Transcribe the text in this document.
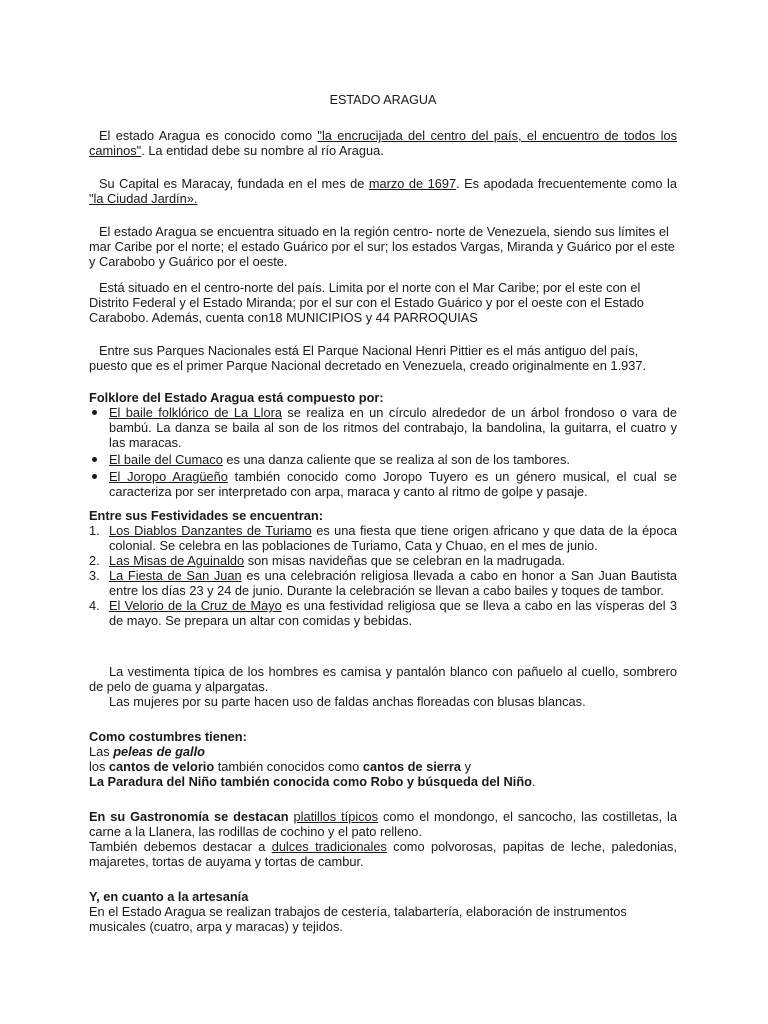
ESTADO ARAGUA

El estado Aragua es conocido como "la encrucijada del centro del país, el encuentro de todos los caminos". La entidad debe su nombre al río Aragua.

Su Capital es Maracay, fundada en el mes de marzo de 1697. Es apodada frecuentemente como la "la Ciudad Jardín».

El estado Aragua se encuentra situado en la región centro- norte de Venezuela, siendo sus límites el mar Caribe por el norte; el estado Guárico por el sur; los estados Vargas, Miranda y Guárico por el este y Carabobo y Guárico por el oeste.

Está situado en el centro-norte del país. Limita por el norte con el Mar Caribe; por el este con el Distrito Federal y el Estado Miranda; por el sur con el Estado Guárico y por el oeste con el Estado Carabobo. Además, cuenta con18 MUNICIPIOS y 44 PARROQUIAS

Entre sus Parques Nacionales está El Parque Nacional Henri Pittier es el más antiguo del país, puesto que es el primer Parque Nacional decretado en Venezuela, creado originalmente en 1.937.

Folklore del Estado Aragua está compuesto por:

El baile folklórico de La Llora se realiza en un círculo alrededor de un árbol frondoso o vara de bambú. La danza se baila al son de los ritmos del contrabajo, la bandolina, la guitarra, el cuatro y las maracas.
El baile del Cumaco es una danza caliente que se realiza al son de los tambores.
El Joropo Aragüeño también conocido como Joropo Tuyero es un género musical, el cual se caracteriza por ser interpretado con arpa, maraca y canto al ritmo de golpe y pasaje.

Entre sus Festividades se encuentran:

1. Los Diablos Danzantes de Turiamo es una fiesta que tiene origen africano y que data de la época colonial. Se celebra en las poblaciones de Turiamo, Cata y Chuao, en el mes de junio.
2. Las Misas de Aguinaldo son misas navideñas que se celebran en la madrugada.
3. La Fiesta de San Juan es una celebración religiosa llevada a cabo en honor a San Juan Bautista entre los días 23 y 24 de junio. Durante la celebración se llevan a cabo bailes y toques de tambor.
4. El Velorio de la Cruz de Mayo es una festividad religiosa que se lleva a cabo en las vísperas del 3 de mayo. Se prepara un altar con comidas y bebidas.

La vestimenta típica de los hombres es camisa y pantalón blanco con pañuelo al cuello, sombrero de pelo de guama y alpargatas.

Las mujeres por su parte hacen uso de faldas anchas floreadas con blusas blancas.

Como costumbres tienen:

Las peleas de gallo

los cantos de velorio también conocidos como cantos de sierra y

La Paradura del Niño también conocida como Robo y búsqueda del Niño.

En su Gastronomía se destacan platillos típicos como el mondongo, el sancocho, las costilletas, la carne a la Llanera, las rodillas de cochino y el pato relleno.

También debemos destacar a dulces tradicionales como polvorosas, papitas de leche, paledonias, majaretes, tortas de auyama y tortas de cambur.

Y, en cuanto a la artesanía

En el Estado Aragua se realizan trabajos de cestería, talabartería, elaboración de instrumentos musicales (cuatro, arpa y maracas) y tejidos.
